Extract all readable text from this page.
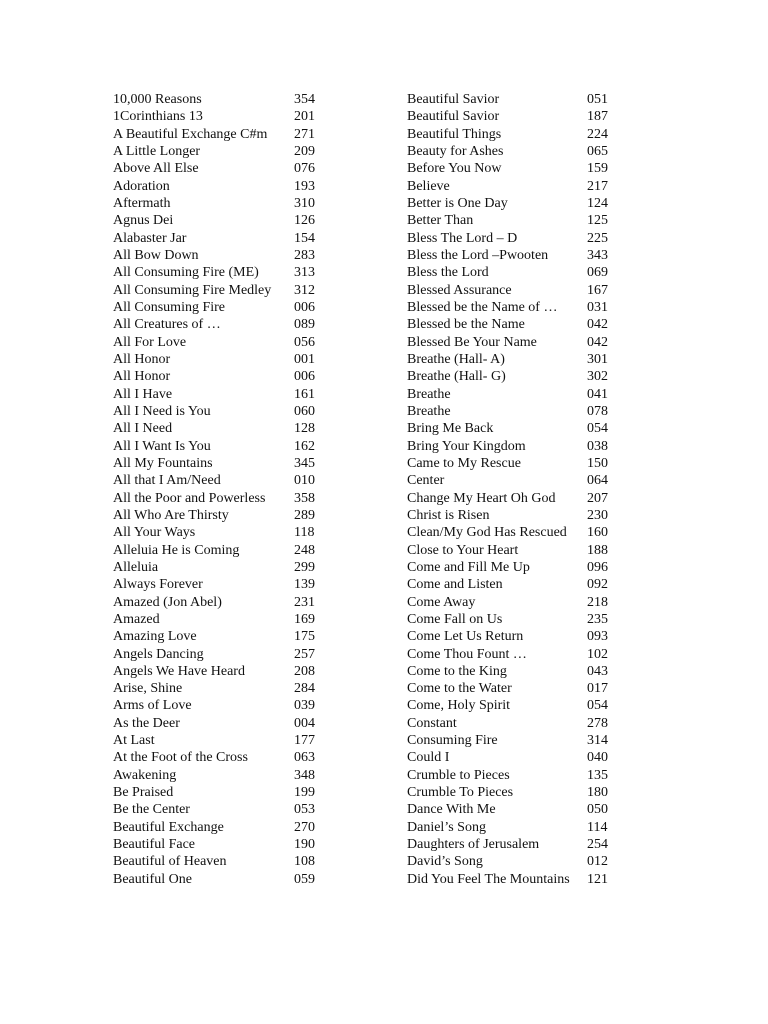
10,000 Reasons	354
1Corinthians 13	201
A Beautiful Exchange C#m 271
A Little Longer	209
Above All Else	076
Adoration	193
Aftermath	310
Agnus Dei	126
Alabaster Jar	154
All Bow Down	283
All Consuming Fire (ME)	313
All Consuming Fire Medley 312
All Consuming Fire	006
All Creatures of …	089
All For Love	056
All Honor	001
All Honor	006
All I Have	161
All I Need is You	060
All I Need	128
All I Want Is You	162
All My Fountains	345
All that I Am/Need	010
All the Poor and Powerless 358
All Who Are Thirsty	289
All Your Ways	118
Alleluia He is Coming	248
Alleluia	299
Always Forever	139
Amazed (Jon Abel)	231
Amazed	169
Amazing Love	175
Angels Dancing	257
Angels We Have Heard	208
Arise, Shine	284
Arms of Love	039
As the Deer	004
At Last	177
At the Foot of the Cross	063
Awakening	348
Be Praised	199
Be the Center	053
Beautiful Exchange	270
Beautiful Face	190
Beautiful of Heaven	108
Beautiful One	059
Beautiful Savior	051
Beautiful Savior	187
Beautiful Things	224
Beauty for Ashes	065
Before You Now	159
Believe	217
Better is One Day	124
Better Than	125
Bless The Lord – D	225
Bless the Lord –Pwooten	343
Bless the Lord	069
Blessed Assurance	167
Blessed be the Name of … 031
Blessed be the Name	042
Blessed Be Your Name	042
Breathe (Hall- A)	301
Breathe (Hall- G)	302
Breathe	041
Breathe	078
Bring Me Back	054
Bring Your Kingdom	038
Came to My Rescue	150
Center	064
Change My Heart Oh God 207
Christ is Risen	230
Clean/My God Has Rescued 160
Close to Your Heart	188
Come and Fill Me Up	096
Come and Listen	092
Come Away	218
Come Fall on Us	235
Come Let Us Return	093
Come Thou Fount …	102
Come to the King	043
Come to the Water	017
Come, Holy Spirit	054
Constant	278
Consuming Fire	314
Could I	040
Crumble to Pieces	135
Crumble To Pieces	180
Dance With Me	050
Daniel’s Song	114
Daughters of Jerusalem	254
David’s Song	012
Did You Feel The Mountains 121
